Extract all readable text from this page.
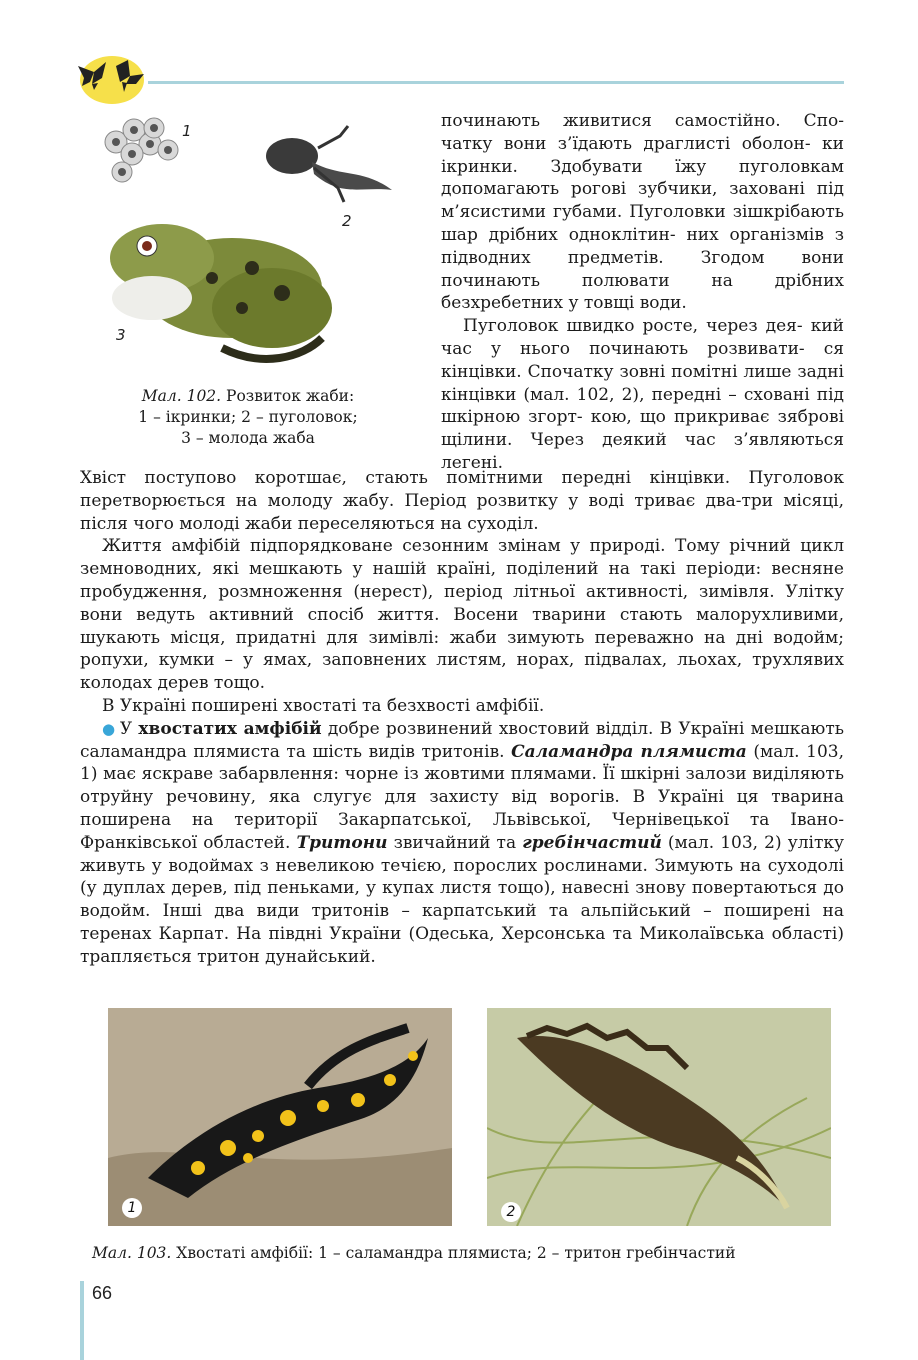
1
2
3
Мал. 102. Розвиток жаби:
1 – ікринки; 2 – пуголовок;
3 – молода жаба

починають живитися самостійно. Спо- чатку вони з’їдають драглисті оболон- ки ікринки. Здобувати їжу пуголовкам допомагають рогові зубчики, заховані під м’ясистими губами. Пуголовки зішкрібають шар дрібних одноклітин- них організмів з підводних предметів. Згодом вони починають полювати на дрібних безхребетних у товщі води.

Пуголовок швидко росте, через дея- кий час у нього починають розвивати- ся кінцівки. Спочатку зовні помітні лише задні кінцівки (мал. 102, 2), передні – сховані під шкірною згорт- кою, що прикриває зяброві щілини. Через деякий час з’являються легені.

Хвіст поступово коротшає, стають помітними передні кінцівки. Пуголовок перетворюється на молоду жабу. Період розвитку у воді триває два-три місяці, після чого молоді жаби переселяються на суходіл.

Життя амфібій підпорядковане сезонним змінам у природі. Тому річний цикл земноводних, які мешкають у нашій країні, поділений на такі періоди: весняне пробудження, розмноження (нерест), період літньої активності, зимівля. Улітку вони ведуть активний спосіб життя. Восени тварини стають малорухливими, шукають місця, придатні для зимівлі: жаби зимують переважно на дні водойм; ропухи, кумки – у ямах, заповнених листям, норах, підвалах, льохах, трухлявих колодах дерев тощо.

В Україні поширені хвостаті та безхвості амфібії.

● У хвостатих амфібій добре розвинений хвостовий відділ. В Україні мешкають саламандра плямиста та шість видів тритонів. Саламандра плямиста (мал. 103, 1) має яскраве забарвлення: чорне із жовтими плямами. Її шкірні залози виділяють отруйну речовину, яка слугує для захисту від ворогів. В Україні ця тварина поширена на території Закарпатської, Львівської, Чернівецької та Івано-Франківської областей. Тритони звичайний та гребінчастий (мал. 103, 2) улітку живуть у водоймах з невеликою течією, порослих рослинами. Зимують на суходолі (у дуплах дерев, під пеньками, у купах листя тощо), навесні знову повертаються до водойм. Інші два види тритонів – карпатський та альпійський – поширені на теренах Карпат. На півдні України (Одеська, Херсонська та Миколаївська області) трапляється тритон дунайський.

1	2
Мал. 103. Хвостаті амфібії: 1 – саламандра плямиста; 2 – тритон гребінчастий
66
